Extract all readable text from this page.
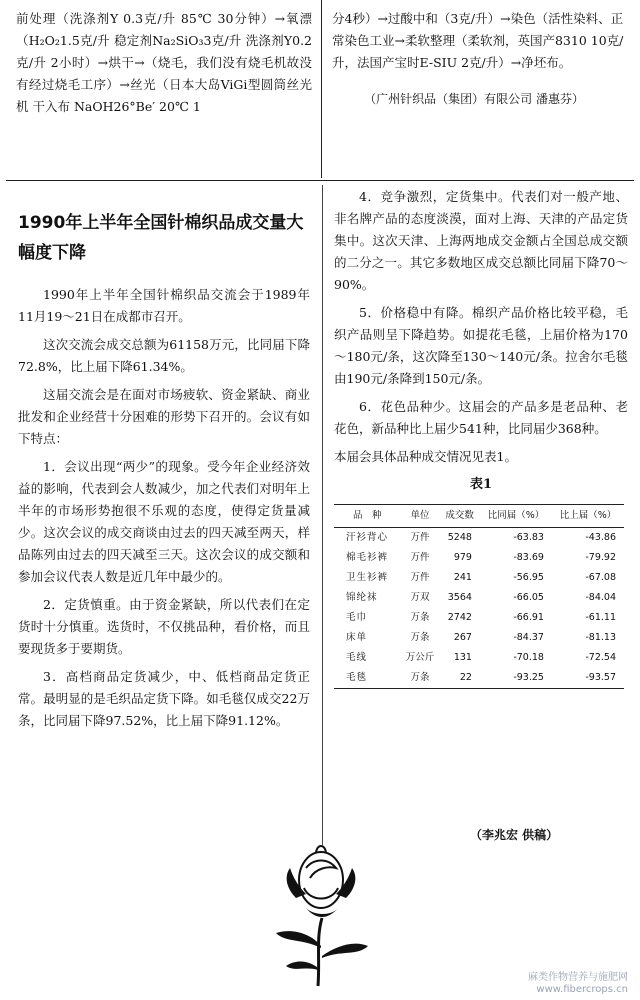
前处理（洗涤剂Y 0.3克/升 85℃ 30分钟）→氧漂（H₂O₂1.5克/升 稳定剂Na₂SiO₃3克/升 洗涤剂Y0.2克/升 2小时）→烘干→（烧毛，我们没有烧毛机故没有经过烧毛工序）→丝光（日本大岛ViGi型圆筒丝光机 干入布 NaOH26°Be′ 20℃ 1

分4秒）→过酸中和（3克/升）→染色（活性染料、正常染色工业→柔软整理（柔软剂，英国产8310 10克/升，法国产宝时E-SIU 2克/升）→净坯布。

（广州针织品（集团）有限公司 潘惠芬）
1990年上半年全国针棉织品成交量大幅度下降

1990年上半年全国针棉织品交流会于1989年11月19～21日在成都市召开。

这次交流会成交总额为61158万元，比同届下降72.8%，比上届下降61.34%。

这届交流会是在面对市场疲软、资金紧缺、商业批发和企业经营十分困难的形势下召开的。会议有如下特点：

1．会议出现“两少”的现象。受今年企业经济效益的影响，代表到会人数减少，加之代表们对明年上半年的市场形势抱很不乐观的态度，使得定货量减少。这次会议的成交商谈由过去的四天减至两天，样品陈列由过去的四天减至三天。这次会议的成交额和参加会议代表人数是近几年中最少的。

2．定货慎重。由于资金紧缺，所以代表们在定货时十分慎重。选货时，不仅挑品种，看价格，而且要现货多于要期货。

3．高档商品定货减少，中、低档商品定货正常。最明显的是毛织品定货下降。如毛毯仅成交22万条，比同届下降97.52%，比上届下降91.12%。

4．竞争激烈，定货集中。代表们对一般产地、非名牌产品的态度淡漠，面对上海、天津的产品定货集中。这次天津、上海两地成交金额占全国总成交额的二分之一。其它多数地区成交总额比同届下降70～90%。

5．价格稳中有降。棉织产品价格比较平稳，毛织产品则呈下降趋势。如提花毛毯，上届价格为170～180元/条，这次降至130～140元/条。拉舍尔毛毯由190元/条降到150元/条。

6．花色品种少。这届会的产品多是老品种、老花色，新品种比上届少541种，比同届少368种。

本届会具体品种成交情况见表1。

表1
品　种	单位	成交数	比同届（%）	比上届（%）
汗衫背心	万件	5248	-63.83	-43.86
棉毛衫裤	万件	979	-83.69	-79.92
卫生衫裤	万件	241	-56.95	-67.08
锦纶袜	万双	3564	-66.05	-84.04
毛巾	万条	2742	-66.91	-61.11
床单	万条	267	-84.37	-81.13
毛线	万公斤	131	-70.18	-72.54
毛毯	万条	22	-93.25	-93.57
（李兆宏 供稿）
麻类作物营养与施肥网
www.fibercrops.cn
